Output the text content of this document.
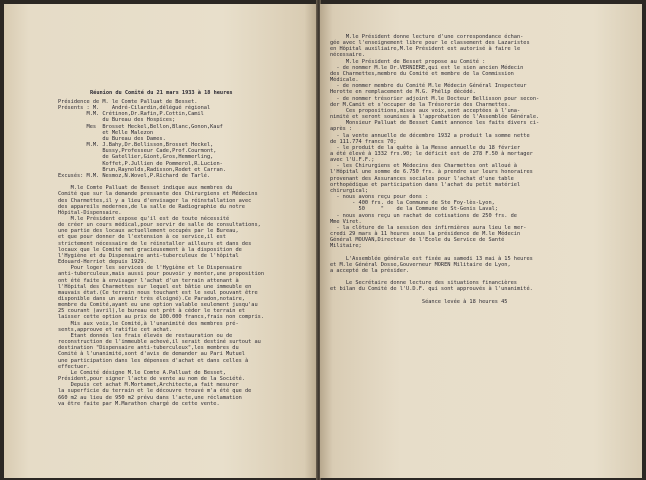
Réunion du Comité du 21 mars 1933 à 18 heures
Présidence de M. le Comte Palluat de Besset.
Présents : M.    André-Cilardin,délégué régional
M.M. Crétinon,Dr.Rafin,P.Cottin,Camil
du Bureau des Hospices;
Mes  Brosset Heckel,Bellon,Blanc,Gonon,Kauf
et Melle Malezon
du Bureau des Dames.
M.M. J.Bahy,Dr.Bellisson,Brosset Heckel,
Bussy,Professeur Cade,Prof.Courmont,
de Gatellier,Giont,Gros,Hemmerling,
Koffet,P.Jullien de Pommerol,R.Lucien-
Brun,Raynolds,Radisson,Rodet et Carran.
Excusés: M.M. Nesmoz,N.Wovel,P.Richard de Tarlé.

M.le Comte Palluat de Besset indique aux membres du
Comité que sur la demande pressante des Chirurgiens et Médecins
des Charmettes,il y a lieu d'envisager la réinstallation avec
des appareils modernes,de la salle de Radiographie du notre
Hôpital-Dispensaire.
M.le Président expose qu'il est de toute nécessité
de créer un cours médical,pour servir de salle de consultations,
une partie des locaux actuellement occupés par le Bureau,
et que pour donner de l'extension à ce service,il est
strictement nécessaire de le réinstaller ailleurs et dans des
locaux que le Comité met gracieusement à la disposition de
l'Hygiène et du Dispensaire anti-tuberculeux de l'hôpital
Edouard-Herriot depuis 1929.
Pour loger les services de l'Hygiène et le Dispensaire
anti-tuberculeux,mais aussi pour pouvoir y monter,une proposition
ont été faite à envisager l'achat d'un terrain attenant à
l'Hôpital des Charmettes sur lequel est bâtie une immeuble en
mauvais état.(Ce terrain nous touchant est le seul pouvant être
disponible dans un avenir très éloigné).Ce Paradon,notaire,
membre du Comité,ayant eu une option valable seulement jusqu'au
25 courant (avril),le bureau est prêt à céder le terrain et
laisser cette option au prix de 100.000 francs,frais non compris.
Mis aux voix,le Comité,à l'unanimité des membres pré-
sents,approuve et ratifie cet achat.
Etant donnés les frais élevés de restauration ou de
reconstruction de l'immeuble achevé,il serait destiné surtout au
destination "Dispensaire anti-tuberculeux",les membres du
Comité à l'unanimité,sont d'avis de demander au Pari Mutuel
une participation dans les dépenses d'achat et dans celles à
effectuer.
Le Comité désigne M.le Comte A.Palluat de Besset,
Président,pour signer l'acte de vente au nom de la Société.
Depuis cet achat M.Mortamet,Architecte,a fait mesurer
la superficie du terrain et le découvre trouvé m'a été que de
660 m2 au lieu de 950 m2 prévu dans l'acte,une réclamation
va être faite par M.Marathon chargé de cette vente.
M.le Président donne lecture d'une correspondance échan-
gée avec l'enseignement libre pour le classement des Lazaristes
en Hôpital auxiliaire,M.le Président est autorisé à faire le
nécessaire.
M.le Président de Besset propose au Comité :
- de nommer M.le Dr.VERNIERE,qui est le sien ancien Médecin
des Charmettes,membre du Comité et membre de la Commission
Médicale.
- de nommer membre du Comité M.le Médecin Général Inspecteur
Herotte en remplacement de M.G. Phélip décédé.
- de nommer trésorier adjoint M.le Docteur Bellisson pour secon-
der M.Camit et s'occuper de la Trésorerie des Charmettes.
Ces propositions,mises aux voix,sont acceptées à l'una-
nimité et seront soumises à l'approbation de l'Assemblée Générale.
Monsieur Palluat de Besset Camit annonce les faits divers ci-
après :
- la vente annuelle de décembre 1932 a produit la somme nette
de 111.774 francs 70;
- le produit de la quête à la Messe annuelle du 18 février
a été élevé à 1332 frs.90; le déficit est de 278 F.50 à mortager
avec l'U.F.F.;
- les Chirurgiens et Médecins des Charmettes ont alloué à
l'Hôpital une somme de 6.750 frs. à prendre sur leurs honoraires
provenant des Assurances sociales pour l'achat d'une table
orthopédique et participation dans l'achat du petit matériel
chirurgical;
- nous avons reçu pour dons :
- 400 frs. de la Commune de Ste Foy-lès-Lyon,
50     "    de la Commune de St-Genis Laval;
- nous avons reçu un rachat de cotisations de 250 frs. de
Mme Viret.
- la clôture de la session des infirmières aura lieu le mer-
credi 29 mars à 11 heures sous la présidence de M.le Médecin
Général MOUVAN,Directeur de l'Ecole du Service de Santé
Militaire;

L'Assemblée générale est fixée au samedi 13 mai à 15 heures
et M.le Général Dosse,Gouverneur MOREN Militaire de Lyon,
a accepté de la présider.

Le Secrétaire donne lecture des situations financières
et bilan du Comité de l'U.D.F. qui sont approuvés à l'unanimité.

Séance levée à 18 heures 45
